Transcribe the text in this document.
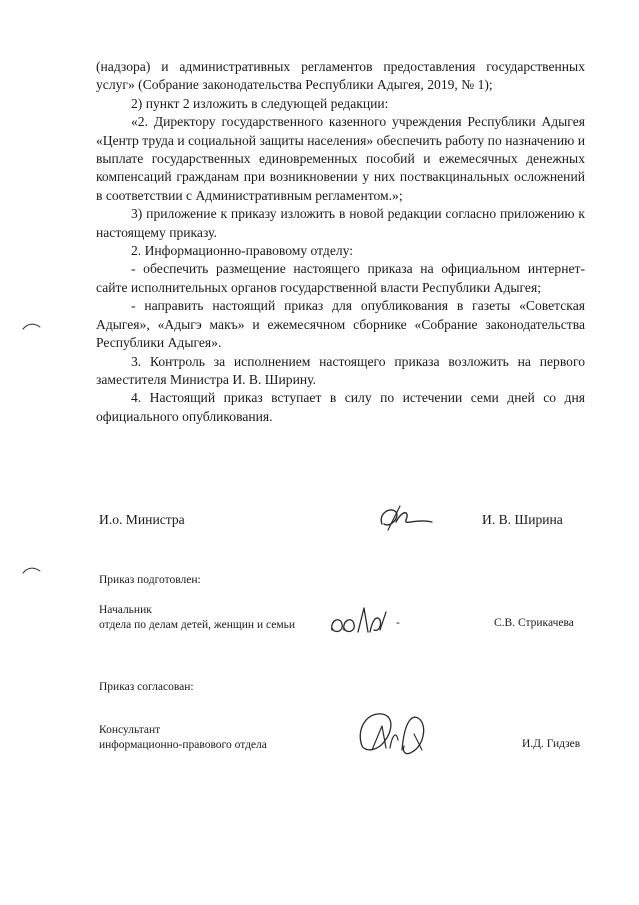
(надзора) и административных регламентов предоставления государственных услуг» (Собрание законодательства Республики Адыгея, 2019, № 1);

2) пункт 2 изложить в следующей редакции:

«2. Директору государственного казенного учреждения Республики Адыгея «Центр труда и социальной защиты населения» обеспечить работу по назначению и выплате государственных единовременных пособий и ежемесячных денежных компенсаций гражданам при возникновении у них поствакцинальных осложнений в соответствии с Административным регламентом.»;

3) приложение к приказу изложить в новой редакции согласно приложению к настоящему приказу.

2. Информационно-правовому отделу:

- обеспечить размещение настоящего приказа на официальном интернет-сайте исполнительных органов государственной власти Республики Адыгея;

- направить настоящий приказ для опубликования в газеты «Советская Адыгея», «Адыгэ макъ» и ежемесячном сборнике «Собрание законодательства Республики Адыгея».

3. Контроль за исполнением настоящего приказа возложить на первого заместителя Министра И. В. Ширину.

4. Настоящий приказ вступает в силу по истечении семи дней со дня официального опубликования.

И.о. Министра	И. В. Ширина
Приказ подготовлен:
Начальник
отдела по делам детей, женщин и семьи	-	С.В. Стрикачева
Приказ согласован:
Консультант
информационно-правового отдела	И.Д. Гидзев
